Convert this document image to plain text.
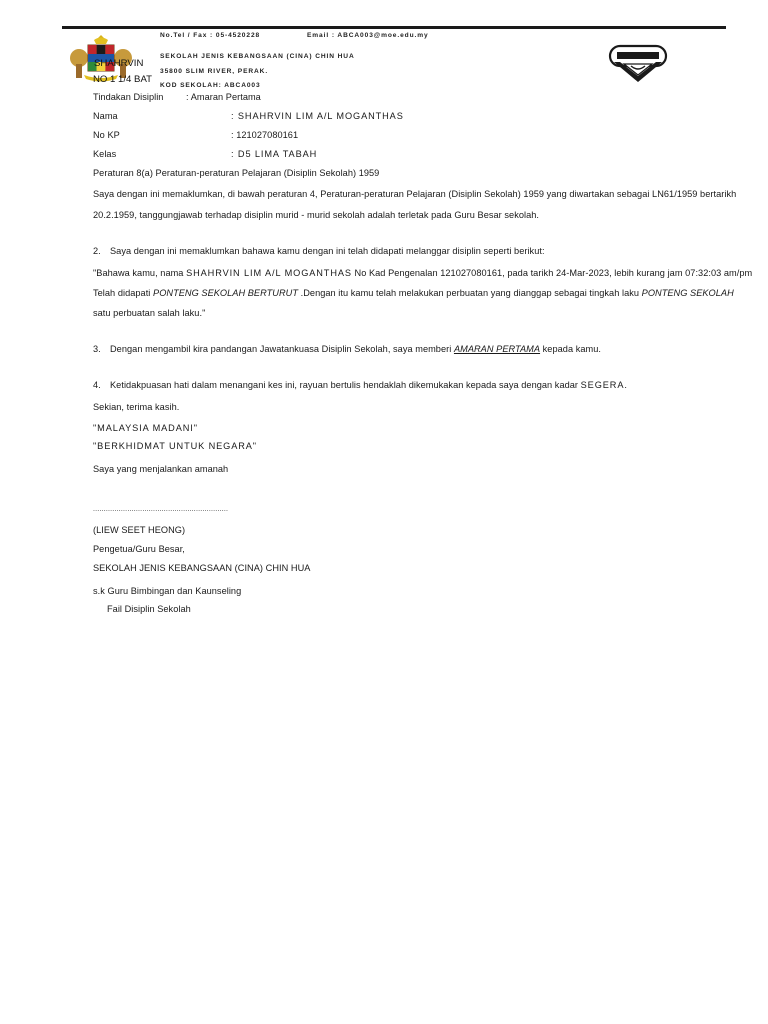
No.Tel / Fax : 05-4520228	Email : ABCA003@moe.edu.my
SEKOLAH JENIS KEBANGSAAN (CINA) CHIN HUA
35800 SLIM RIVER, PERAK.
KOD SEKOLAH: ABCA003
SHAHRVIN
NO 1 1/4 BAT
Tindakan Disiplin : Amaran Pertama
Nama	: SHAHRVIN LIM A/L MOGANTHAS
No KP	: 121027080161
Kelas	: D5 LIMA TABAH
Peraturan 8(a) Peraturan-peraturan Pelajaran (Disiplin Sekolah) 1959
Saya dengan ini memaklumkan, di bawah peraturan 4, Peraturan-peraturan Pelajaran (Disiplin Sekolah) 1959 yang diwartakan sebagai LN61/1959 bertarikh
20.2.1959, tanggungjawab terhadap disiplin murid - murid sekolah adalah terletak pada Guru Besar sekolah.
2. Saya dengan ini memaklumkan bahawa kamu dengan ini telah didapati melanggar disiplin seperti berikut:
"Bahawa kamu, nama SHAHRVIN LIM A/L MOGANTHAS No Kad Pengenalan 121027080161, pada tarikh 24-Mar-2023, lebih kurang jam 07:32:03 am/pm
Telah didapati PONTENG SEKOLAH BERTURUT .Dengan itu kamu telah melakukan perbuatan yang dianggap sebagai tingkah laku PONTENG SEKOLAH
satu perbuatan salah laku."
3. Dengan mengambil kira pandangan Jawatankuasa Disiplin Sekolah, saya memberi AMARAN PERTAMA kepada kamu.
4. Ketidakpuasan hati dalam menangani kes ini, rayuan bertulis hendaklah dikemukakan kepada saya dengan kadar SEGERA.
Sekian, terima kasih.
"MALAYSIA MADANI"
"BERKHIDMAT UNTUK NEGARA"
Saya yang menjalankan amanah
...............................................................
(LIEW SEET HEONG)
Pengetua/Guru Besar,
SEKOLAH JENIS KEBANGSAAN (CINA) CHIN HUA
s.k Guru Bimbingan dan Kaunseling
Fail Disiplin Sekolah
